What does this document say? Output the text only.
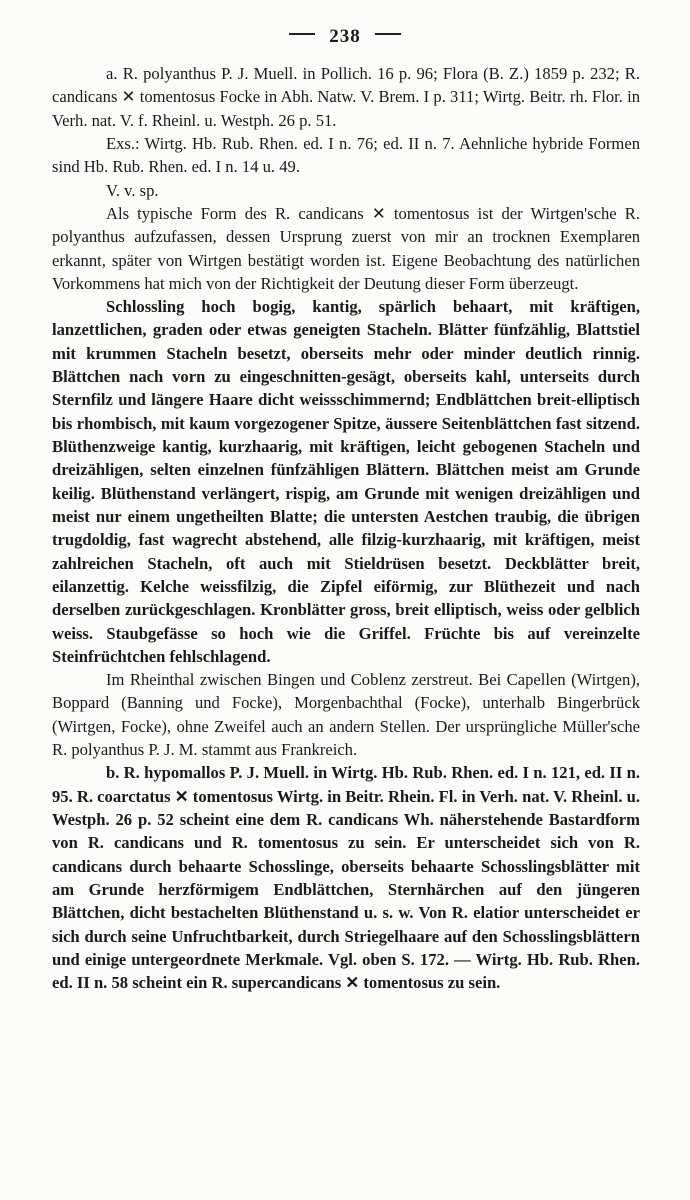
238

a. R. polyanthus P. J. Muell. in Pollich. 16 p. 96; Flora (B. Z.) 1859 p. 232; R. candicans ✕ tomentosus Focke in Abh. Natw. V. Brem. I p. 311; Wirtg. Beitr. rh. Flor. in Verh. nat. V. f. Rheinl. u. Westph. 26 p. 51.

Exs.: Wirtg. Hb. Rub. Rhen. ed. I n. 76; ed. II n. 7. Aehnliche hybride Formen sind Hb. Rub. Rhen. ed. I n. 14 u. 49.

V. v. sp.

Als typische Form des R. candicans ✕ tomentosus ist der Wirtgen'sche R. polyanthus aufzufassen, dessen Ursprung zuerst von mir an trocknen Exemplaren erkannt, später von Wirtgen bestätigt worden ist. Eigene Beobachtung des natürlichen Vorkommens hat mich von der Richtigkeit der Deutung dieser Form überzeugt.

Schlossling hoch bogig, kantig, spärlich behaart, mit kräftigen, lanzettlichen, graden oder etwas geneigten Stacheln. Blätter fünfzählig, Blattstiel mit krummen Stacheln besetzt, oberseits mehr oder minder deutlich rinnig. Blättchen nach vorn zu eingeschnitten-gesägt, oberseits kahl, unterseits durch Sternfilz und längere Haare dicht weissschimmernd; Endblättchen breit-elliptisch bis rhombisch, mit kaum vorgezogener Spitze, äussere Seitenblättchen fast sitzend. Blüthenzweige kantig, kurzhaarig, mit kräftigen, leicht gebogenen Stacheln und dreizähligen, selten einzelnen fünfzähligen Blättern. Blättchen meist am Grunde keilig. Blüthenstand verlängert, rispig, am Grunde mit wenigen dreizähligen und meist nur einem ungetheilten Blatte; die untersten Aestchen traubig, die übrigen trugdoldig, fast wagrecht abstehend, alle filzig-kurzhaarig, mit kräftigen, meist zahlreichen Stacheln, oft auch mit Stieldrüsen besetzt. Deckblätter breit, eilanzettig. Kelche weissfilzig, die Zipfel eiförmig, zur Blüthezeit und nach derselben zurückgeschlagen. Kronblätter gross, breit elliptisch, weiss oder gelblich weiss. Staubgefässe so hoch wie die Griffel. Früchte bis auf vereinzelte Steinfrüchtchen fehlschlagend.

Im Rheinthal zwischen Bingen und Coblenz zerstreut. Bei Capellen (Wirtgen), Boppard (Banning und Focke), Morgenbachthal (Focke), unterhalb Bingerbrück (Wirtgen, Focke), ohne Zweifel auch an andern Stellen. Der ursprüngliche Müller'sche R. polyanthus P. J. M. stammt aus Frankreich.

b. R. hypomallos P. J. Muell. in Wirtg. Hb. Rub. Rhen. ed. I n. 121, ed. II n. 95. R. coarctatus ✕ tomentosus Wirtg. in Beitr. Rhein. Fl. in Verh. nat. V. Rheinl. u. Westph. 26 p. 52 scheint eine dem R. candicans Wh. näherstehende Bastardform von R. candicans und R. tomentosus zu sein. Er unterscheidet sich von R. candicans durch behaarte Schosslinge, oberseits behaarte Schosslingsblätter mit am Grunde herzförmigem Endblättchen, Sternhärchen auf den jüngeren Blättchen, dicht bestachelten Blüthenstand u. s. w. Von R. elatior unterscheidet er sich durch seine Unfruchtbarkeit, durch Striegelhaare auf den Schosslingsblättern und einige untergeordnete Merkmale. Vgl. oben S. 172. — Wirtg. Hb. Rub. Rhen. ed. II n. 58 scheint ein R. supercandicans ✕ tomentosus zu sein.
